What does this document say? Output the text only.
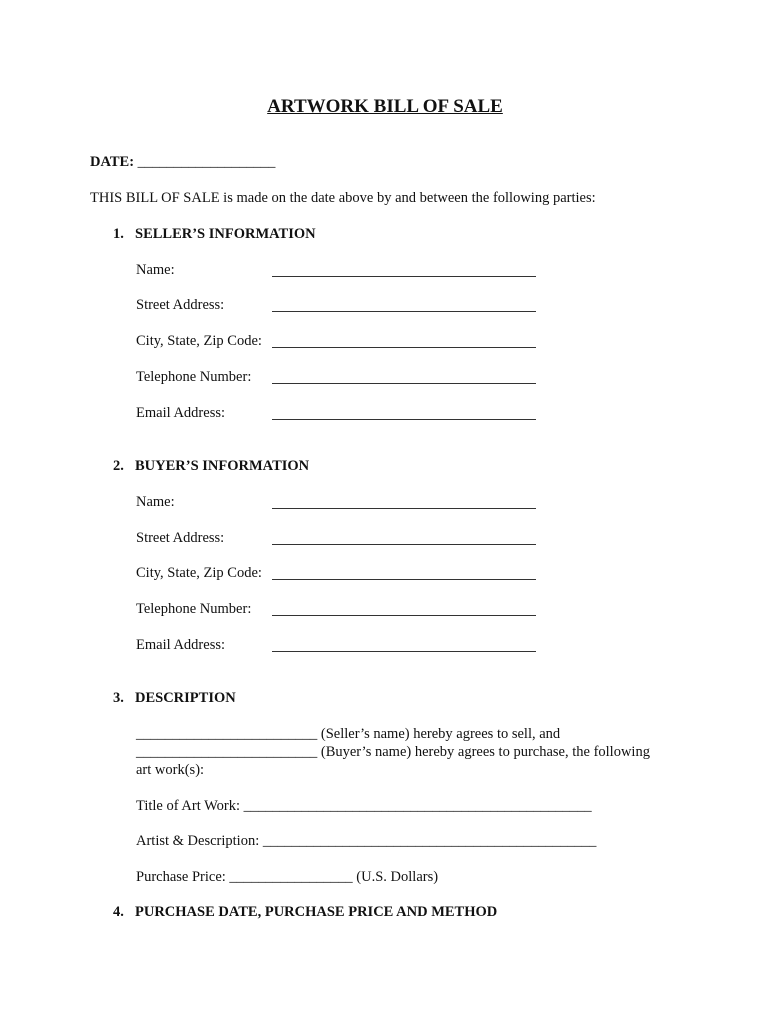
ARTWORK BILL OF SALE
DATE: ___________________
THIS BILL OF SALE is made on the date above by and between the following parties:
1. SELLER’S INFORMATION
Name:
Street Address:
City, State, Zip Code:
Telephone Number:
Email Address:
2. BUYER’S INFORMATION
Name:
Street Address:
City, State, Zip Code:
Telephone Number:
Email Address:
3. DESCRIPTION
_________________________ (Seller’s name) hereby agrees to sell, and
_________________________ (Buyer’s name) hereby agrees to purchase, the following
art work(s):
Title of Art Work: ________________________________________________
Artist & Description: ______________________________________________
Purchase Price: _________________ (U.S. Dollars)
4. PURCHASE DATE, PURCHASE PRICE AND METHOD
